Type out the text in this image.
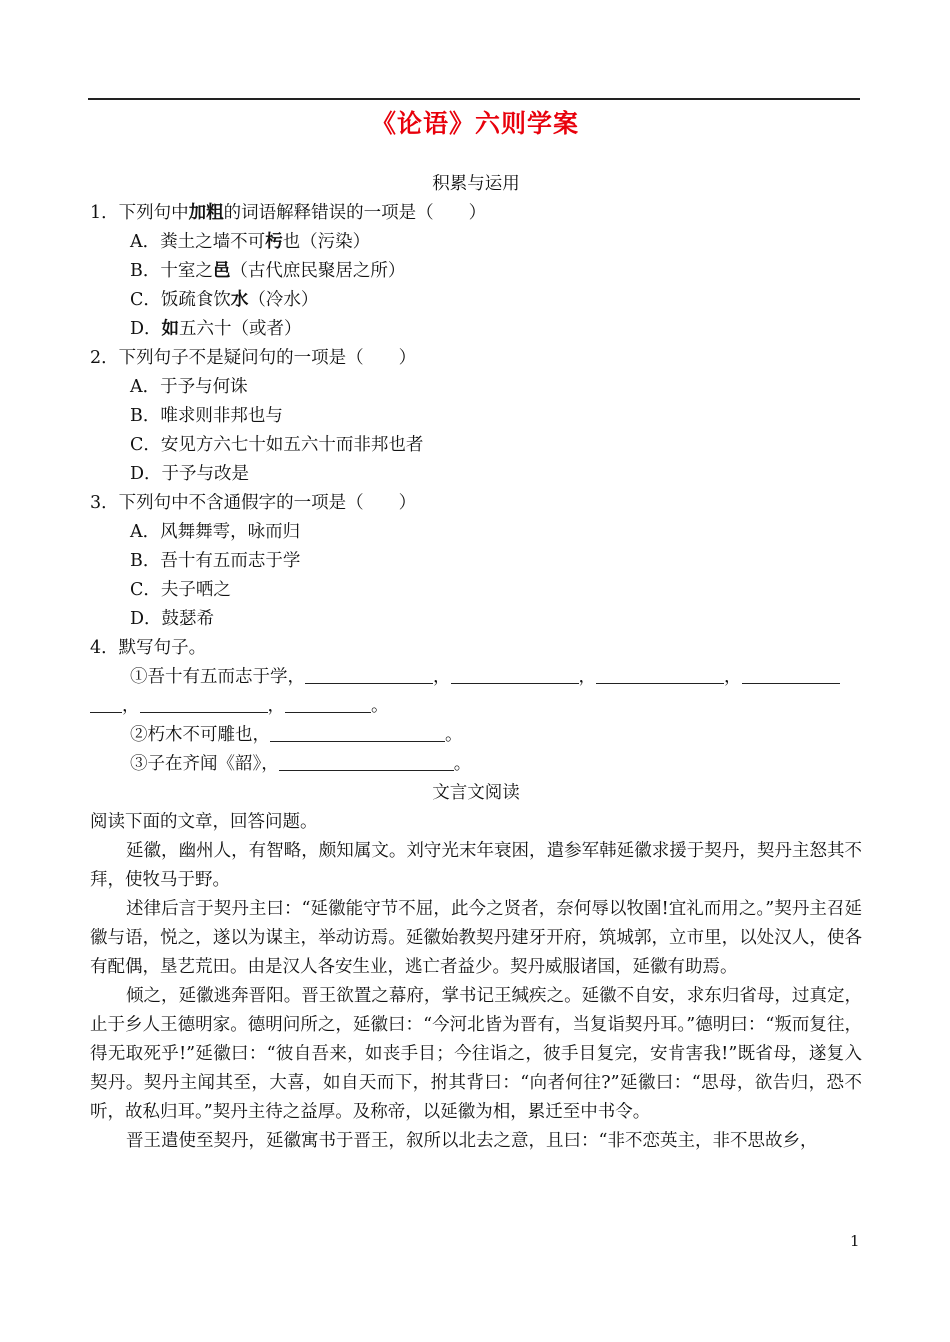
《论语》六则学案
积累与运用
1．下列句中加粗的词语解释错误的一项是（　　）
A．粪土之墙不可杇也（污染）
B．十室之邑（古代庶民聚居之所）
C．饭疏食饮水（冷水）
D．如五六十（或者）
2．下列句子不是疑问句的一项是（　　）
A．于予与何诛
B．唯求则非邦也与
C．安见方六七十如五六十而非邦也者
D．于予与改是
3．下列句中不含通假字的一项是（　　）
A．风舞舞雩，咏而归
B．吾十有五而志于学
C．夫子哂之
D．鼓瑟希
4．默写句子。
①吾十有五而志于学，	，	，	，
，	，	。
②朽木不可雕也，	。
③子在齐闻《韶》，	。
文言文阅读
阅读下面的文章，回答问题。
延徽，幽州人，有智略，颇知属文。刘守光末年衰困，遣参军韩延徽求援于契丹，契丹主怒其不拜，使牧马于野。
述律后言于契丹主曰：“延徽能守节不屈，此今之贤者，奈何辱以牧圉!宜礼而用之。”契丹主召延徽与语，悦之，遂以为谋主，举动访焉。延徽始教契丹建牙开府，筑城郭，立市里，以处汉人，使各有配偶，垦艺荒田。由是汉人各安生业，逃亡者益少。契丹威服诸国，延徽有助焉。
倾之，延徽逃奔晋阳。晋王欲置之幕府，掌书记王缄疾之。延徽不自安，求东归省母，过真定，止于乡人王德明家。德明问所之，延徽曰：“今河北皆为晋有，当复诣契丹耳。”德明曰：“叛而复往，得无取死乎!”延徽曰：“彼自吾来，如丧手目；今往诣之，彼手目复完，安肯害我!”既省母，遂复入契丹。契丹主闻其至，大喜，如自天而下，拊其背曰：“向者何往?”延徽曰：“思母，欲告归，恐不听，故私归耳。”契丹主待之益厚。及称帝，以延徽为相，累迁至中书令。
晋王遣使至契丹，延徽寓书于晋王，叙所以北去之意，且曰：“非不恋英主，非不思故乡，
1
